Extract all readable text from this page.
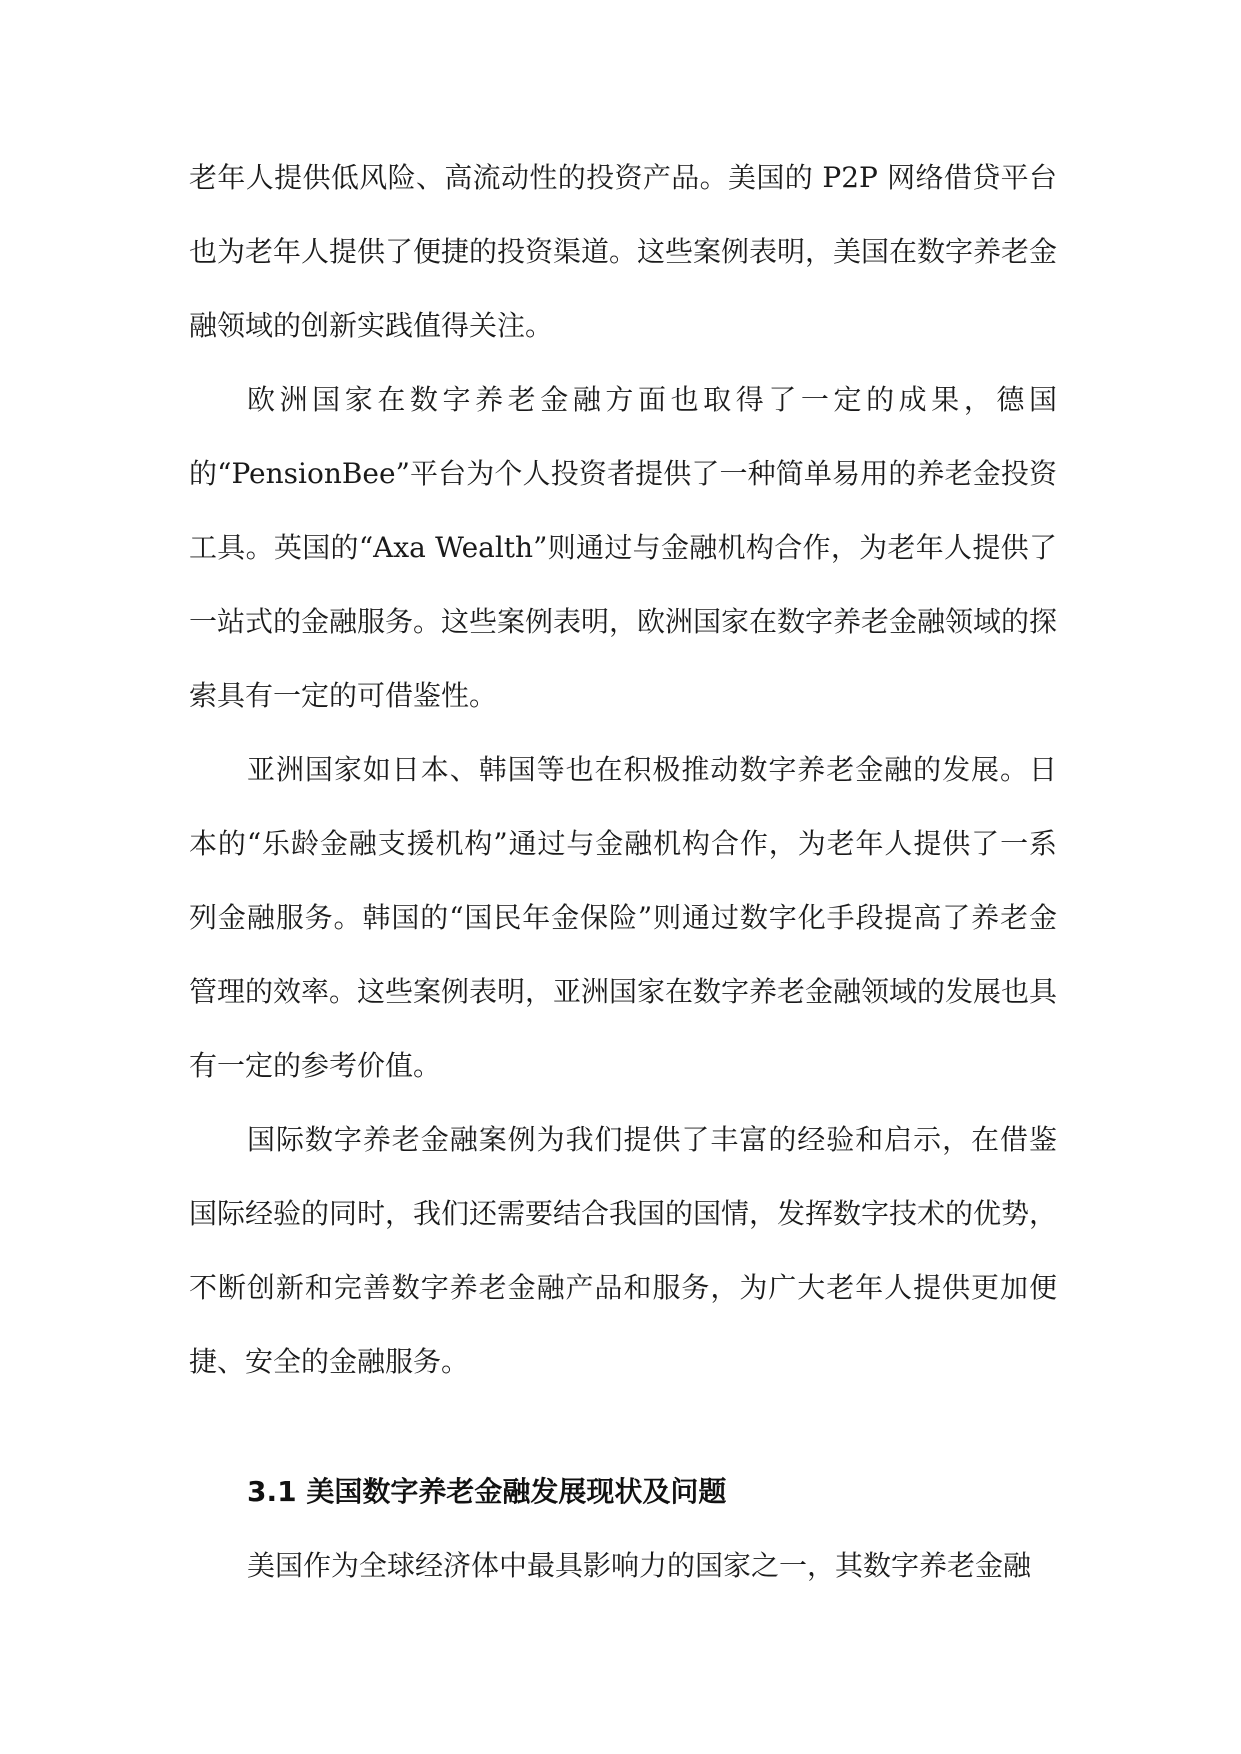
老年人提供低风险、高流动性的投资产品。美国的 P2P 网络借贷平台也为老年人提供了便捷的投资渠道。这些案例表明，美国在数字养老金融领域的创新实践值得关注。

欧洲国家在数字养老金融方面也取得了一定的成果，德国的“PensionBee”平台为个人投资者提供了一种简单易用的养老金投资工具。英国的“Axa Wealth”则通过与金融机构合作，为老年人提供了一站式的金融服务。这些案例表明，欧洲国家在数字养老金融领域的探索具有一定的可借鉴性。

亚洲国家如日本、韩国等也在积极推动数字养老金融的发展。日本的“乐龄金融支援机构”通过与金融机构合作，为老年人提供了一系列金融服务。韩国的“国民年金保险”则通过数字化手段提高了养老金管理的效率。这些案例表明，亚洲国家在数字养老金融领域的发展也具有一定的参考价值。

国际数字养老金融案例为我们提供了丰富的经验和启示，在借鉴国际经验的同时，我们还需要结合我国的国情，发挥数字技术的优势，不断创新和完善数字养老金融产品和服务，为广大老年人提供更加便捷、安全的金融服务。

3.1 美国数字养老金融发展现状及问题

美国作为全球经济体中最具影响力的国家之一，其数字养老金融
